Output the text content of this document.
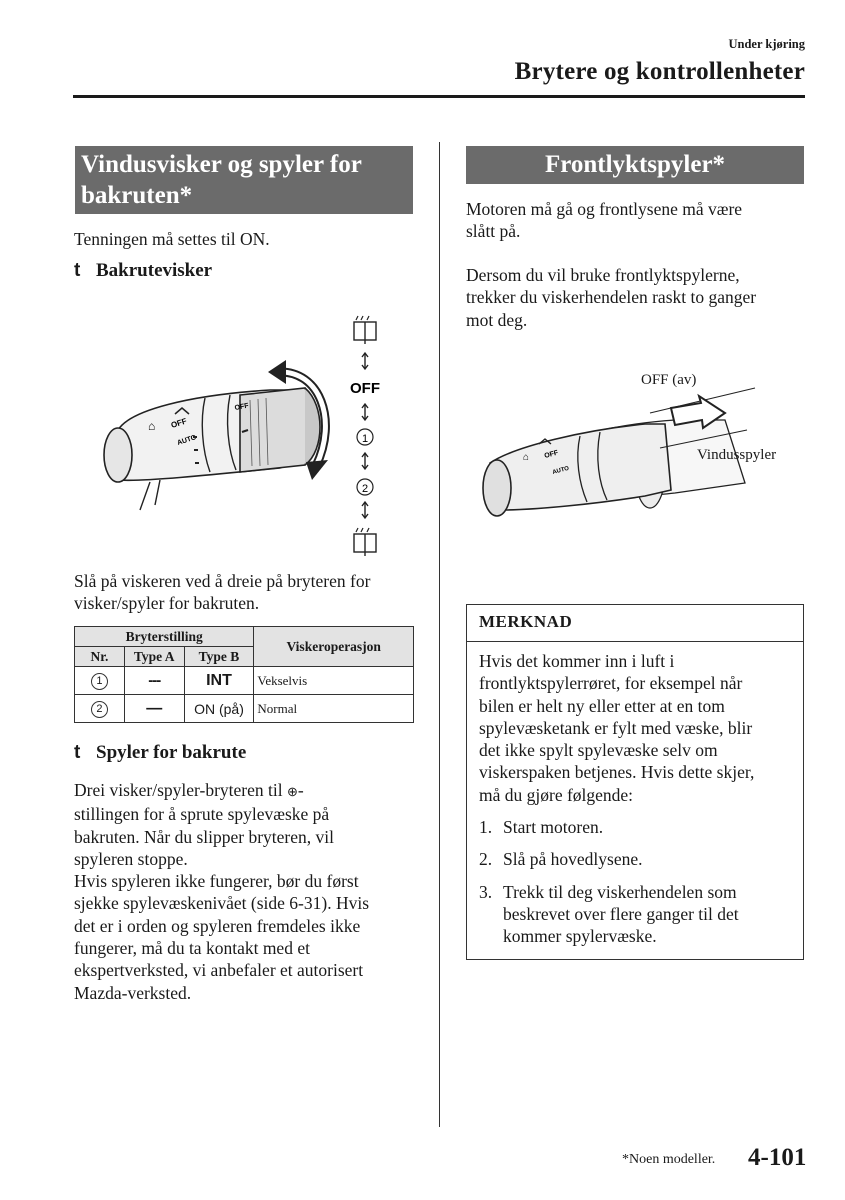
Under kjøring
Brytere og kontrollenheter
Vindusvisker og spyler for bakruten*
Tenningen må settes til ON.
t Bakrutevisker
OFF
AUTO
OFF
⌂
OFF
1
2
Slå på viskeren ved å dreie på bryteren for
visker/spyler for bakruten.
Bryterstilling			Viskeroperasjon
Nr.	Type A	Type B	
1	---	INT	Vekselvis
2	—	ON (på)	Normal
t Spyler for bakrute
Drei visker/spyler-bryteren til ⊕-
stillingen for å sprute spylevæske på
bakruten. Når du slipper bryteren, vil
spyleren stoppe.
Hvis spyleren ikke fungerer, bør du først
sjekke spylevæskenivået (side 6-31). Hvis
det er i orden og spyleren fremdeles ikke
fungerer, må du ta kontakt med et
ekspertverksted, vi anbefaler et autorisert
Mazda-verksted.
Frontlyktspyler*
Motoren må gå og frontlysene må være
slått på.
Dersom du vil bruke frontlyktspylerne,
trekker du viskerhendelen raskt to ganger
mot deg.
OFF
AUTO
⌂
OFF (av)
Vindusspyler
MERKNAD
Hvis det kommer inn i luft i
frontlyktspylerrøret, for eksempel når
bilen er helt ny eller etter at en tom
spylevæsketank er fylt med væske, blir
det ikke spylt spylevæske selv om
viskerspaken betjenes. Hvis dette skjer,
må du gjøre følgende:
1. Start motoren.
2. Slå på hovedlysene.
3. Trekk til deg viskerhendelen som
beskrevet over flere ganger til det
kommer spylervæske.
*Noen modeller. 4-101
